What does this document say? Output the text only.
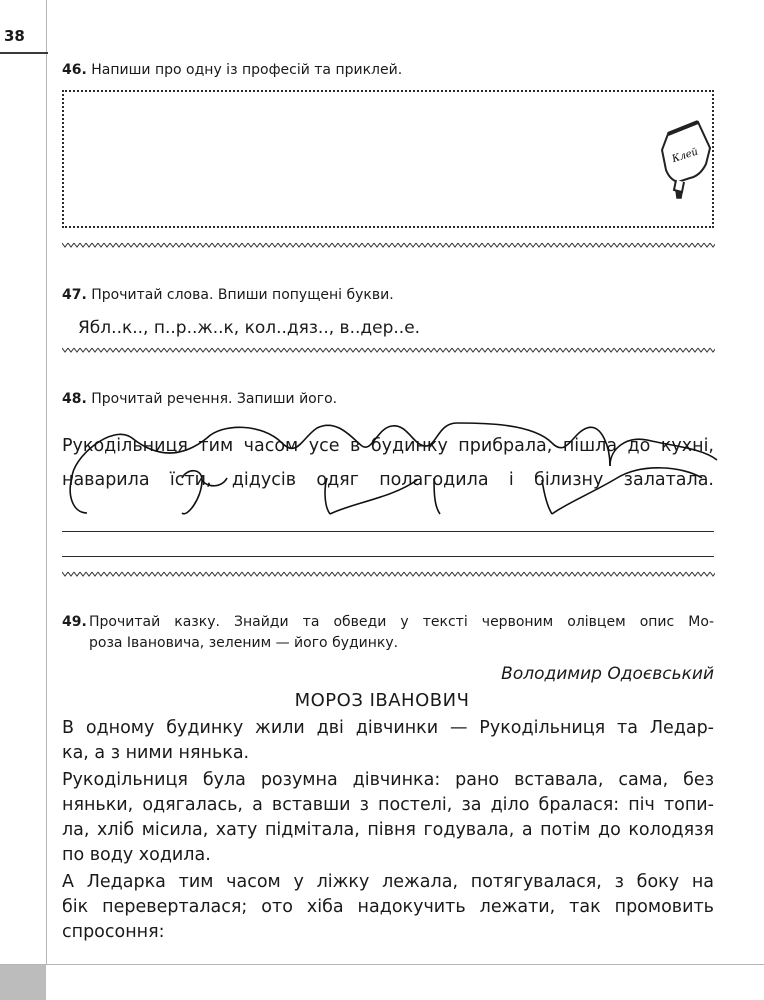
38
46. Напиши про одну із професій та приклей.
Клей
47. Прочитай слова. Впиши попущені букви.
Ябл..к.., п..р..ж..к, кол..дяз.., в..дер..е.
48. Прочитай речення. Запиши його.
Рукодільниця тим часом усе в будинку прибрала, пішла до кухні,
наварила їсти, дідусів одяг полагодила і білизну залатала.
49. Прочитай казку. Знайди та обведи у тексті червоним олівцем опис Мо-
роза Івановича, зеленим — його будинку.
Володимир Одоєвський
МОРОЗ ІВАНОВИЧ
В одному будинку жили дві дівчинки — Рукодільниця та Ледар-
ка, а з ними нянька.
Рукодільниця була розумна дівчинка: рано вставала, сама, без
няньки, одягалась, а вставши з постелі, за діло бралася: піч топи-
ла, хліб місила, хату підмітала, півня годувала, а потім до колодязя
по воду ходила.
А Ледарка тим часом у ліжку лежала, потягувалася, з боку на
бік переверталася; ото хіба надокучить лежати, так промовить
спросоння:
